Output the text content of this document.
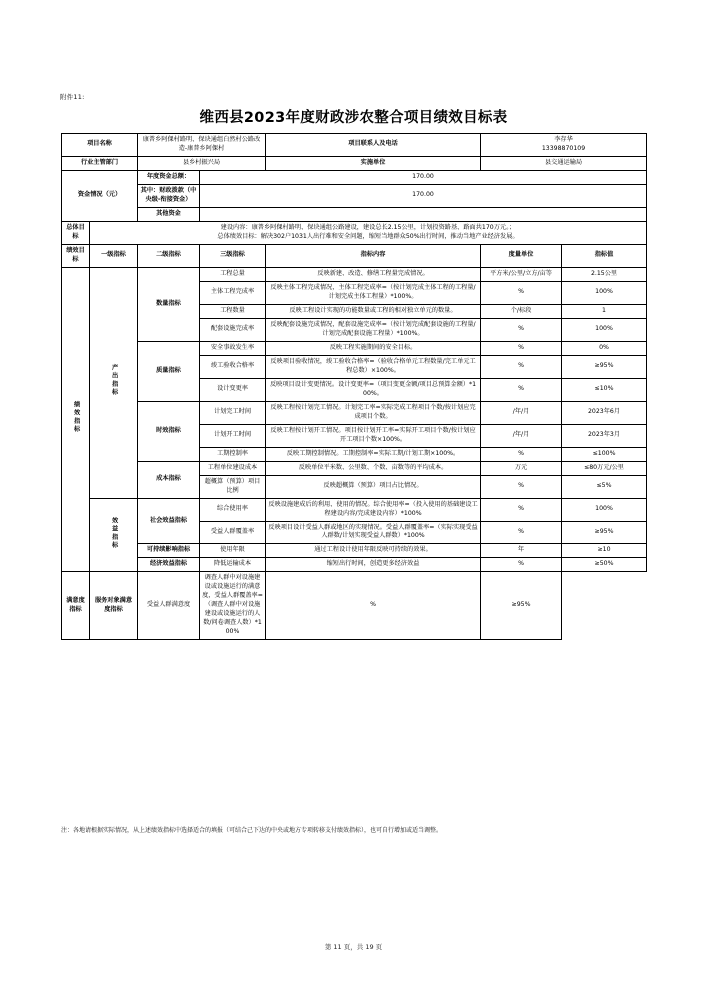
附件11:
维西县2023年度财政涉农整合项目绩效目标表
项目名称		康普乡阿倮村路明、保块通组白然村公路改造-康普乡阿倮村		项目联系人及电话	李存华
13398870109	

行业主管部门		县乡村振兴局		实施单位	县交通运输局	
资金情况（元）		年度资金总额：	170.00			
		其中：财政拨款（中央级-衔接资金）	170.00			
		其他资金				
总体目标	建设内容：康普乡阿倮村路明、保块通组公路建设，建设总长2.15公里，计划投资路基、路面共170万元。；
总体绩效目标：解决302户1031人出行难和安全问题，缩短当地群众50%出行时间，推动当地产业经济发展。					

绩效目标	一级指标	二级指标	三级指标	指标内容	度量单位	指标值
绩效指标	产出指标	数量指标	工程总量	反映新建、改造、修缮工程量完成情况。	平方米/公里/立方/亩等	2.15公里
			主体工程完成率	反映主体工程完成情况，主体工程完成率=（按计划完成主体工程的工程量/计划完成主体工程量）*100%。	%	100%
			工程数量	反映工程设计实现的功能数量或工程的相对独立单元的数量。	个/标段	1
			配套设施完成率	反映配套设施完成情况，配套设施完成率=（按计划完成配套设施的工程量/计划完成配套设施工程量）*100%。	%	100%
		质量指标	安全事故发生率	反映工程实施期间的安全目标。	%	0%
			竣工验收合格率	反映项目验收情况，竣工验收合格率=（验收合格单元工程数量/完工单元工程总数）×100%。	%	≥95%
			设计变更率	反映项目设计变更情况。设计变更率=（项目变更金额/项目总预算金额）*100%。	%	≤10%
		时效指标	计划完工时间	反映工程按计划完工情况。计划完工率=实际完成工程项目个数/按计划应完成项目个数。	/年/月	2023年6月
			计划开工时间	反映工程按计划开工情况。项目按计划开工率=实际开工项目个数/按计划应开工项目个数×100%。	/年/月	2023年3月
			工期控制率	反映工期控制情况。工期控制率=实际工期/计划工期×100%。	%	≤100%
		成本指标	工程单位建设成本	反映单位平米数、公里数、个数、亩数等的平均成本。	万元	≤80万元/公里
			超概算（预算）项目比例	反映超概算（预算）项目占比情况。	%	≤5%
	效益指标	社会效益指标	综合使用率	反映设施建成后的利用、使用的情况。综合使用率=（投入使用的基础建设工程建设内容/完成建设内容）*100%	%	100%
			受益人群覆盖率	反映项目设计受益人群或地区的实现情况。受益人群覆盖率=（实际实现受益人群数/计划实现受益人群数）*100%	%	≥95%
		可持续影响指标	使用年限	通过工程设计使用年限反映可持续的效果。	年	≥10
		经济效益指标	降低运输成本	缩短出行时间，创造更多经济效益	%	≥50%
满意度指标	服务对象满意度指标	受益人群满意度	调查人群中对设施建设或设施运行的满意度，受益人群覆盖率=（调查人群中对设施建设或设施运行的人数/问卷调查人数）*100%	%	≥95%	
注：各地请根据实际情况，从上述绩效指标中选择适合的填报（可结合己下达的中央或地方专项转移支付绩效指标），也可自行增加或适当调整。
第 11 页，共 19 页
